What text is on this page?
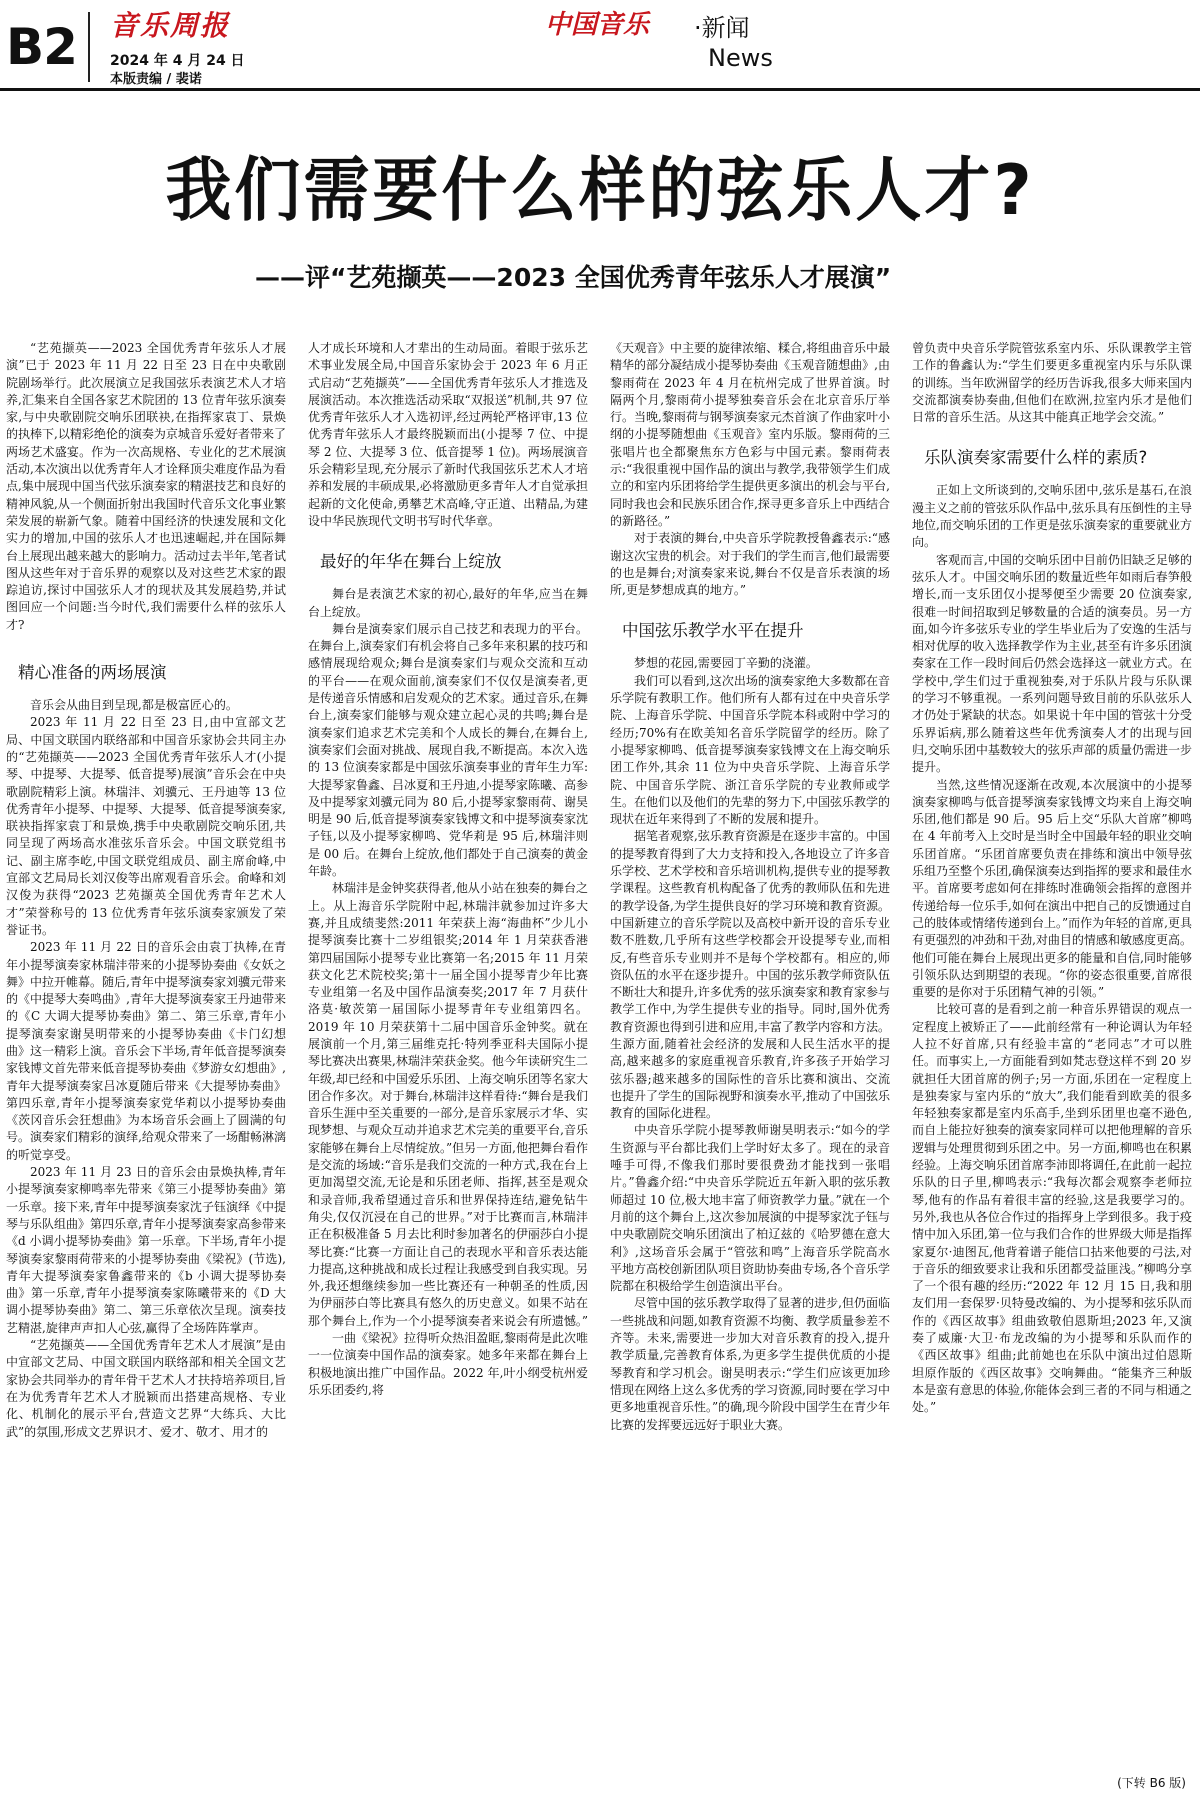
B2 音乐周报
2024 年 4 月 24 日
本版责编 / 裴诺
中国音乐 ·新闻
News
我们需要什么样的弦乐人才?
——评“艺苑撷英——2023 全国优秀青年弦乐人才展演”

“艺苑撷英——2023 全国优秀青年弦乐人才展演”已于 2023 年 11 月 22 日至 23 日在中央歌剧院剧场举行。此次展演立足我国弦乐表演艺术人才培养,汇集来自全国各家艺术院团的 13 位青年弦乐演奏家,与中央歌剧院交响乐团联袂,在指挥家袁丁、景焕的执棒下,以精彩绝伦的演奏为京城音乐爱好者带来了两场艺术盛宴。作为一次高规格、专业化的艺术展演活动,本次演出以优秀青年人才诠释顶尖难度作品为看点,集中展现中国当代弦乐演奏家的精湛技艺和良好的精神风貌,从一个侧面折射出我国时代音乐文化事业繁荣发展的崭新气象。随着中国经济的快速发展和文化实力的增加,中国的弦乐人才也迅速崛起,并在国际舞台上展现出越来越大的影响力。活动过去半年,笔者试图从这些年对于音乐界的观察以及对这些艺术家的跟踪追访,探讨中国弦乐人才的现状及其发展趋势,并试图回应一个问题:当今时代,我们需要什么样的弦乐人才?

精心准备的两场展演

音乐会从曲目到呈现,都是极富匠心的。

2023 年 11 月 22 日至 23 日,由中宣部文艺局、中国文联国内联络部和中国音乐家协会共同主办的“艺苑撷英——2023 全国优秀青年弦乐人才(小提琴、中提琴、大提琴、低音提琴)展演”音乐会在中央歌剧院精彩上演。林瑞沣、刘骥元、王丹迪等 13 位优秀青年小提琴、中提琴、大提琴、低音提琴演奏家,联袂指挥家袁丁和景焕,携手中央歌剧院交响乐团,共同呈现了两场高水准弦乐音乐会。中国文联党组书记、副主席李屹,中国文联党组成员、副主席俞峰,中宣部文艺局局长刘汉俊等出席观看音乐会。俞峰和刘汉俊为获得“2023 艺苑撷英全国优秀青年艺术人才”荣誉称号的 13 位优秀青年弦乐演奏家颁发了荣誉证书。

2023 年 11 月 22 日的音乐会由袁丁执棒,在青年小提琴演奏家林瑞沣带来的小提琴协奏曲《女妖之舞》中拉开帷幕。随后,青年中提琴演奏家刘骥元带来的《中提琴大奏鸣曲》,青年大提琴演奏家王丹迪带来的《C 大调大提琴协奏曲》第二、第三乐章,青年小提琴演奏家谢昊明带来的小提琴协奏曲《卡门幻想曲》这一精彩上演。音乐会下半场,青年低音提琴演奏家钱博文首先带来低音提琴协奏曲《梦游女幻想曲》,青年大提琴演奏家吕冰夏随后带来《大提琴协奏曲》第四乐章,青年小提琴演奏家党华莉以小提琴协奏曲《茨冈音乐会狂想曲》为本场音乐会画上了圆满的句号。演奏家们精彩的演绎,给观众带来了一场酣畅淋漓的听觉享受。

2023 年 11 月 23 日的音乐会由景焕执棒,青年小提琴演奏家柳鸣率先带来《第三小提琴协奏曲》第一乐章。接下来,青年中提琴演奏家沈子钰演绎《中提琴与乐队组曲》第四乐章,青年小提琴演奏家高参带来《d 小调小提琴协奏曲》第一乐章。下半场,青年小提琴演奏家黎雨荷带来的小提琴协奏曲《梁祝》(节选),青年大提琴演奏家鲁鑫带来的《b 小调大提琴协奏曲》第一乐章,青年小提琴演奏家陈曦带来的《D 大调小提琴协奏曲》第二、第三乐章依次呈现。演奏技艺精湛,旋律声声扣人心弦,赢得了全场阵阵掌声。

“艺苑撷英——全国优秀青年艺术人才展演”是由中宣部文艺局、中国文联国内联络部和相关全国文艺家协会共同举办的青年骨干艺术人才扶持培养项目,旨在为优秀青年艺术人才脱颖而出搭建高规格、专业化、机制化的展示平台,营造文艺界“大练兵、大比武”的氛围,形成文艺界识才、爱才、敬才、用才的

人才成长环境和人才辈出的生动局面。着眼于弦乐艺术事业发展全局,中国音乐家协会于 2023 年 6 月正式启动“艺苑撷英”——全国优秀青年弦乐人才推选及展演活动。本次推选活动采取“双报送”机制,共 97 位优秀青年弦乐人才入选初评,经过两轮严格评审,13 位优秀青年弦乐人才最终脱颖而出(小提琴 7 位、中提琴 2 位、大提琴 3 位、低音提琴 1 位)。两场展演音乐会精彩呈现,充分展示了新时代我国弦乐艺术人才培养和发展的丰硕成果,必将激励更多青年人才自觉承担起新的文化使命,勇攀艺术高峰,守正道、出精品,为建设中华民族现代文明书写时代华章。

最好的年华在舞台上绽放

舞台是表演艺术家的初心,最好的年华,应当在舞台上绽放。

舞台是演奏家们展示自己技艺和表现力的平台。在舞台上,演奏家们有机会将自己多年来积累的技巧和感情展现给观众;舞台是演奏家们与观众交流和互动的平台——在观众面前,演奏家们不仅仅是演奏者,更是传递音乐情感和启发观众的艺术家。通过音乐,在舞台上,演奏家们能够与观众建立起心灵的共鸣;舞台是演奏家们追求艺术完美和个人成长的舞台,在舞台上,演奏家们会面对挑战、展现自我,不断提高。本次入选的 13 位演奏家都是中国弦乐演奏事业的青年生力军:大提琴家鲁鑫、吕冰夏和王丹迪,小提琴家陈曦、高参及中提琴家刘骥元同为 80 后,小提琴家黎雨荷、谢昊明是 90 后,低音提琴演奏家钱博文和中提琴演奏家沈子钰,以及小提琴家柳鸣、党华莉是 95 后,林瑞沣则是 00 后。在舞台上绽放,他们都处于自己演奏的黄金年龄。

林瑞沣是金钟奖获得者,他从小站在独奏的舞台之上。从上海音乐学院附中起,林瑞沣就参加过许多大赛,并且成绩斐然:2011 年荣获上海“海曲杯”少儿小提琴演奏比赛十二岁组银奖;2014 年 1 月荣获香港第四届国际小提琴专业比赛第一名;2015 年 11 月荣获文化艺术院校奖;第十一届全国小提琴青少年比赛专业组第一名及中国作品演奏奖;2017 年 7 月获什洛莫·敏茨第一届国际小提琴青年专业组第四名。2019 年 10 月荣获第十二届中国音乐金钟奖。就在展演前一个月,第三届维克托·特列季亚科夫国际小提琴比赛决出赛果,林瑞沣荣获金奖。他今年读研究生二年级,却已经和中国爱乐乐团、上海交响乐团等名家大团合作多次。对于舞台,林瑞沣这样看待:“舞台是我们音乐生涯中至关重要的一部分,是音乐家展示才华、实现梦想、与观众互动并追求艺术完美的重要平台,音乐家能够在舞台上尽情绽放。”但另一方面,他把舞台看作是交流的场域:“音乐是我们交流的一种方式,我在台上更加渴望交流,无论是和乐团老师、指挥,甚至是观众和录音师,我希望通过音乐和世界保持连结,避免钻牛角尖,仅仅沉浸在自己的世界。”对于比赛而言,林瑞沣正在积极准备 5 月去比利时参加著名的伊丽莎白小提琴比赛:“比赛一方面让自己的表现水平和音乐表达能力提高,这种挑战和成长过程让我感受到自我实现。另外,我还想继续参加一些比赛还有一种朝圣的性质,因为伊丽莎白等比赛具有悠久的历史意义。如果不站在那个舞台上,作为一个小提琴演奏者来说会有所遗憾。”

一曲《梁祝》拉得听众热泪盈眶,黎雨荷是此次唯一一位演奏中国作品的演奏家。她多年来都在舞台上积极地演出推广中国作品。2022 年,叶小纲受杭州爱乐乐团委约,将

《天观音》中主要的旋律浓缩、糅合,将组曲音乐中最精华的部分凝结成小提琴协奏曲《玉观音随想曲》,由黎雨荷在 2023 年 4 月在杭州完成了世界首演。时隔两个月,黎雨荷小提琴独奏音乐会在北京音乐厅举行。当晚,黎雨荷与钢琴演奏家元杰首演了作曲家叶小纲的小提琴随想曲《玉观音》室内乐版。黎雨荷的三张唱片也全都聚焦东方色彩与中国元素。黎雨荷表示:“我很重视中国作品的演出与教学,我带领学生们成立的和室内乐团将给学生提供更多演出的机会与平台,同时我也会和民族乐团合作,探寻更多音乐上中西结合的新路径。”

对于表演的舞台,中央音乐学院教授鲁鑫表示:“感谢这次宝贵的机会。对于我们的学生而言,他们最需要的也是舞台;对演奏家来说,舞台不仅是音乐表演的场所,更是梦想成真的地方。”

中国弦乐教学水平在提升

梦想的花园,需要园丁辛勤的浇灌。

我们可以看到,这次出场的演奏家绝大多数都在音乐学院有教职工作。他们所有人都有过在中央音乐学院、上海音乐学院、中国音乐学院本科或附中学习的经历;70%有在欧美知名音乐学院留学的经历。除了小提琴家柳鸣、低音提琴演奏家钱博文在上海交响乐团工作外,其余 11 位为中央音乐学院、上海音乐学院、中国音乐学院、浙江音乐学院的专业教师或学生。在他们以及他们的先辈的努力下,中国弦乐教学的现状在近年来得到了不断的发展和提升。

据笔者观察,弦乐教育资源是在逐步丰富的。中国的提琴教育得到了大力支持和投入,各地设立了许多音乐学校、艺术学校和音乐培训机构,提供专业的提琴教学课程。这些教育机构配备了优秀的教师队伍和先进的教学设备,为学生提供良好的学习环境和教育资源。中国新建立的音乐学院以及高校中新开设的音乐专业数不胜数,几乎所有这些学校都会开设提琴专业,而相反,有些音乐专业则并不是每个学校都有。相应的,师资队伍的水平在逐步提升。中国的弦乐教学师资队伍不断壮大和提升,许多优秀的弦乐演奏家和教育家参与教学工作中,为学生提供专业的指导。同时,国外优秀教育资源也得到引进和应用,丰富了教学内容和方法。生源方面,随着社会经济的发展和人民生活水平的提高,越来越多的家庭重视音乐教育,许多孩子开始学习弦乐器;越来越多的国际性的音乐比赛和演出、交流也提升了学生的国际视野和演奏水平,推动了中国弦乐教育的国际化进程。

中央音乐学院小提琴教师谢昊明表示:“如今的学生资源与平台都比我们上学时好太多了。现在的录音唾手可得,不像我们那时要很费劲才能找到一张唱片。”鲁鑫介绍:“中央音乐学院近五年新入职的弦乐教师超过 10 位,极大地丰富了师资教学力量。”就在一个月前的这个舞台上,这次参加展演的中提琴家沈子钰与中央歌剧院交响乐团演出了柏辽兹的《哈罗德在意大利》,这场音乐会属于“管弦和鸣”上海音乐学院高水平地方高校创新团队项目资助协奏曲专场,各个音乐学院都在积极给学生创造演出平台。

尽管中国的弦乐教学取得了显著的进步,但仍面临一些挑战和问题,如教育资源不均衡、教学质量参差不齐等。未来,需要进一步加大对音乐教育的投入,提升教学质量,完善教育体系,为更多学生提供优质的小提琴教育和学习机会。谢昊明表示:“学生们应该更加珍惜现在网络上这么多优秀的学习资源,同时要在学习中更多地重视音乐性。”的确,现今阶段中国学生在青少年比赛的发挥要远远好于职业大赛。

曾负责中央音乐学院管弦系室内乐、乐队课教学主管工作的鲁鑫认为:“学生们要更多重视室内乐与乐队课的训练。当年欧洲留学的经历告诉我,很多大师来国内交流都演奏协奏曲,但他们在欧洲,拉室内乐才是他们日常的音乐生活。从这其中能真正地学会交流。”

乐队演奏家需要什么样的素质?

正如上文所谈到的,交响乐团中,弦乐是基石,在浪漫主义之前的管弦乐队作品中,弦乐具有压倒性的主导地位,而交响乐团的工作更是弦乐演奏家的重要就业方向。

客观而言,中国的交响乐团中目前仍旧缺乏足够的弦乐人才。中国交响乐团的数量近些年如雨后春笋般增长,而一支乐团仅小提琴便至少需要 20 位演奏家,很难一时间招取到足够数量的合适的演奏员。另一方面,如今许多弦乐专业的学生毕业后为了安逸的生活与相对优厚的收入选择教学作为主业,甚至有许多乐团演奏家在工作一段时间后仍然会选择这一就业方式。在学校中,学生们过于重视独奏,对于乐队片段与乐队课的学习不够重视。一系列问题导致目前的乐队弦乐人才仍处于紧缺的状态。如果说十年中国的管弦十分受乐界诟病,那么随着这些年优秀演奏人才的出现与回归,交响乐团中基数较大的弦乐声部的质量仍需进一步提升。

当然,这些情况逐渐在改观,本次展演中的小提琴演奏家柳鸣与低音提琴演奏家钱博文均来自上海交响乐团,他们都是 90 后。95 后上交“乐队大首席”柳鸣在 4 年前考入上交时是当时全中国最年轻的职业交响乐团首席。“乐团首席要负责在排练和演出中领导弦乐组乃至整个乐团,确保演奏达到指挥的要求和最佳水平。首席要考虑如何在排练时准确领会指挥的意图并传递给每一位乐手,如何在演出中把自己的反馈通过自己的肢体或情绪传递到台上。”而作为年轻的首席,更具有更强烈的冲劲和干劲,对曲目的情感和敏感度更高。他们可能在舞台上展现出更多的能量和自信,同时能够引领乐队达到期望的表现。“你的姿态很重要,首席很重要的是你对于乐团精气神的引领。”

比较可喜的是看到之前一种音乐界错误的观点一定程度上被矫正了——此前经常有一种论调认为年轻人拉不好首席,只有经验丰富的“老同志”才可以胜任。而事实上,一方面能看到如梵志登这样不到 20 岁就担任大团首席的例子;另一方面,乐团在一定程度上是独奏家与室内乐的“放大”,我们能看到欧美的很多年轻独奏家都是室内乐高手,坐到乐团里也毫不逊色,而自上能拉好独奏的演奏家同样可以把他理解的音乐逻辑与处理贯彻到乐团之中。另一方面,柳鸣也在积累经验。上海交响乐团首席李沛即将调任,在此前一起拉乐队的日子里,柳鸣表示:“我每次都会观察李老师拉琴,他有的作品有着很丰富的经验,这是我要学习的。另外,我也从各位合作过的指挥身上学到很多。我于疫情中加入乐团,第一位与我们合作的世界级大师是指挥家夏尔·迪图瓦,他背着谱子能信口拈来他要的弓法,对于音乐的细致要求让我和乐团都受益匪浅。”柳鸣分享了一个很有趣的经历:“2022 年 12 月 15 日,我和朋友们用一套保罗·贝特曼改编的、为小提琴和弦乐队而作的《西区故事》组曲致敬伯恩斯坦;2023 年,又演奏了威廉·大卫·布龙改编的为小提琴和乐队而作的《西区故事》组曲;此前她也在乐队中演出过伯恩斯坦原作版的《西区故事》交响舞曲。“能集齐三种版本是蛮有意思的体验,你能体会到三者的不同与相通之处。”

(下转 B6 版)
